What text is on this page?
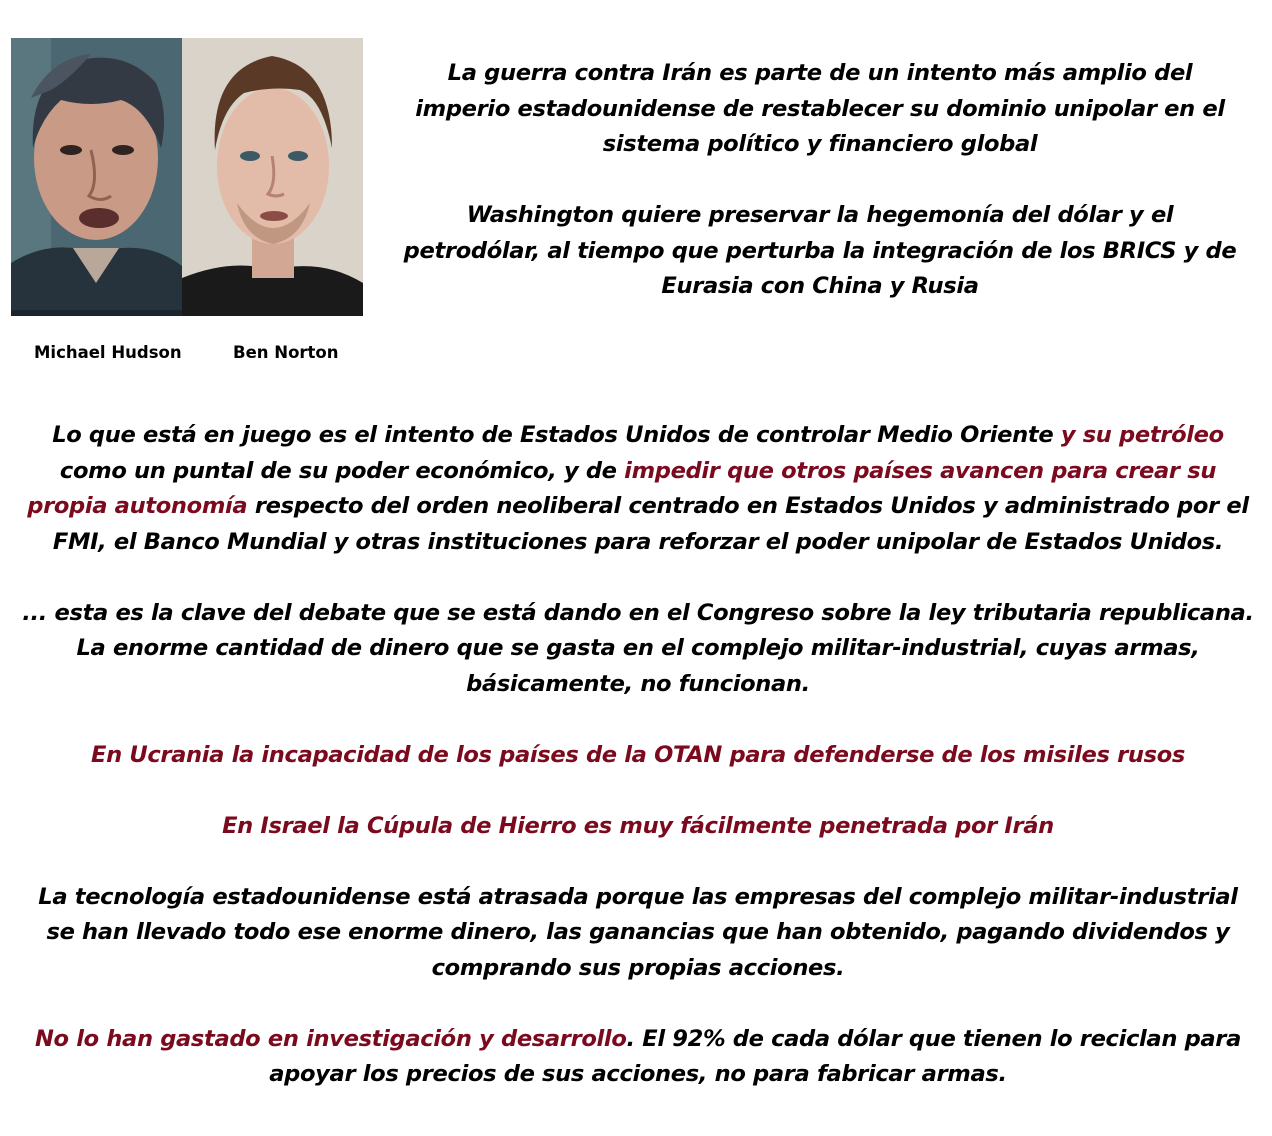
Michael Hudson	Ben Norton
La guerra contra Irán es parte de un intento más amplio del
imperio estadounidense de restablecer su dominio unipolar en el
sistema político y financiero global
Washington quiere preservar la hegemonía del dólar y el
petrodólar, al tiempo que perturba la integración de los BRICS y de
Eurasia con China y Rusia
Lo que está en juego es el intento de Estados Unidos de controlar Medio Oriente y su petróleo
como un puntal de su poder económico, y de impedir que otros países avancen para crear su
propia autonomía respecto del orden neoliberal centrado en Estados Unidos y administrado por el
FMI, el Banco Mundial y otras instituciones para reforzar el poder unipolar de Estados Unidos.
... esta es la clave del debate que se está dando en el Congreso sobre la ley tributaria republicana.
La enorme cantidad de dinero que se gasta en el complejo militar-industrial, cuyas armas,
básicamente, no funcionan.
En Ucrania la incapacidad de los países de la OTAN para defenderse de los misiles rusos
En Israel la Cúpula de Hierro es muy fácilmente penetrada por Irán
La tecnología estadounidense está atrasada porque las empresas del complejo militar-industrial
se han llevado todo ese enorme dinero, las ganancias que han obtenido, pagando dividendos y
comprando sus propias acciones.
No lo han gastado en investigación y desarrollo. El 92% de cada dólar que tienen lo reciclan para
apoyar los precios de sus acciones, no para fabricar armas.
